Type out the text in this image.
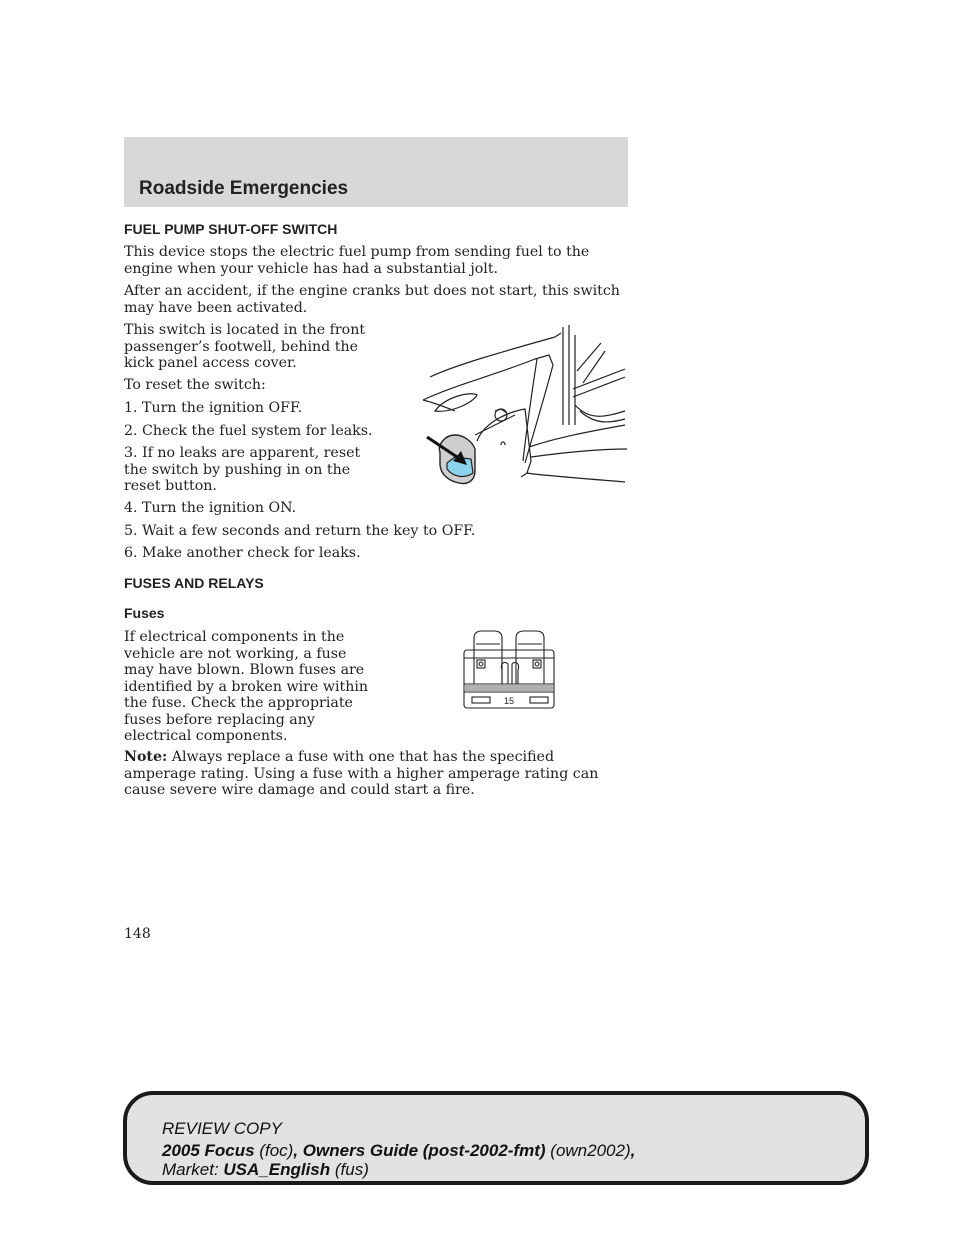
Roadside Emergencies
FUEL PUMP SHUT-OFF SWITCH
This device stops the electric fuel pump from sending fuel to the engine when your vehicle has had a substantial jolt.
After an accident, if the engine cranks but does not start, this switch may have been activated.
This switch is located in the front passenger’s footwell, behind the kick panel access cover.
To reset the switch:
1. Turn the ignition OFF.
2. Check the fuel system for leaks.
3. If no leaks are apparent, reset the switch by pushing in on the reset button.
4. Turn the ignition ON.
5. Wait a few seconds and return the key to OFF.
6. Make another check for leaks.
FUSES AND RELAYS
Fuses
If electrical components in the vehicle are not working, a fuse may have blown. Blown fuses are identified by a broken wire within the fuse. Check the appropriate fuses before replacing any electrical components.
Note: Always replace a fuse with one that has the specified amperage rating. Using a fuse with a higher amperage rating can cause severe wire damage and could start a fire.
15
148
REVIEW COPY
2005 Focus (foc), Owners Guide (post-2002-fmt) (own2002),
Market: USA_English (fus)
